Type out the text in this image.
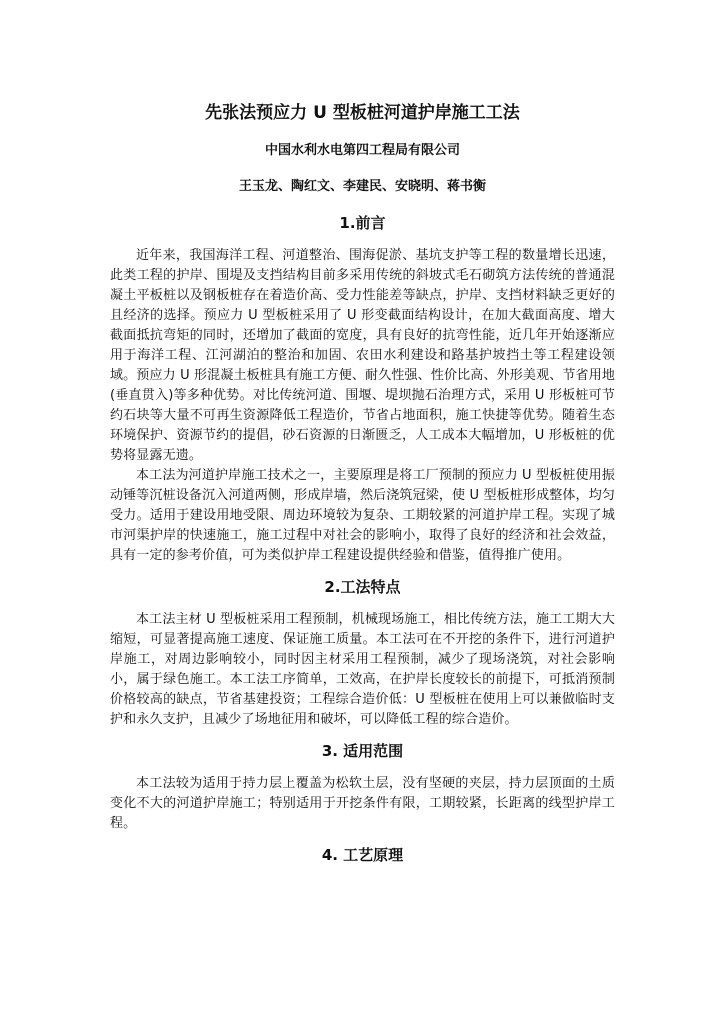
先张法预应力 U 型板桩河道护岸施工工法
中国水利水电第四工程局有限公司
王玉龙、陶红文、李建民、安晓明、蒋书衡
1.前言

近年来，我国海洋工程、河道整治、围海促淤、基坑支护等工程的数量增长迅速，此类工程的护岸、围堤及支挡结构目前多采用传统的斜坡式毛石砌筑方法传统的普通混凝土平板桩以及钢板桩存在着造价高、受力性能差等缺点，护岸、支挡材料缺乏更好的且经济的选择。预应力 U 型板桩采用了 U 形变截面结构设计，在加大截面高度、增大截面抵抗弯矩的同时，还增加了截面的宽度，具有良好的抗弯性能，近几年开始逐渐应用于海洋工程、江河湖泊的整治和加固、农田水利建设和路基护坡挡土等工程建设领域。预应力 U 形混凝土板桩具有施工方便、耐久性强、性价比高、外形美观、节省用地(垂直贯入)等多种优势。对比传统河道、围堰、堤坝抛石治理方式，采用 U 形板桩可节约石块等大量不可再生资源降低工程造价，节省占地面积，施工快捷等优势。随着生态环境保护、资源节约的提倡，砂石资源的日渐匮乏，人工成本大幅增加，U 形板桩的优势将显露无遗。

本工法为河道护岸施工技术之一，主要原理是将工厂预制的预应力 U 型板桩使用振动锤等沉桩设备沉入河道两侧，形成岸墙，然后浇筑冠梁，使 U 型板桩形成整体，均匀受力。适用于建设用地受限、周边环境较为复杂、工期较紧的河道护岸工程。实现了城市河渠护岸的快速施工，施工过程中对社会的影响小，取得了良好的经济和社会效益，具有一定的参考价值，可为类似护岸工程建设提供经验和借鉴，值得推广使用。

2.工法特点

本工法主材 U 型板桩采用工程预制，机械现场施工，相比传统方法，施工工期大大缩短，可显著提高施工速度、保证施工质量。本工法可在不开挖的条件下，进行河道护岸施工，对周边影响较小，同时因主材采用工程预制，减少了现场浇筑，对社会影响小，属于绿色施工。本工法工序简单，工效高，在护岸长度较长的前提下，可抵消预制价格较高的缺点，节省基建投资；工程综合造价低：U 型板桩在使用上可以兼做临时支护和永久支护，且减少了场地征用和破坏，可以降低工程的综合造价。

3. 适用范围

本工法较为适用于持力层上覆盖为松软土层，没有坚硬的夹层，持力层顶面的土质变化不大的河道护岸施工；特别适用于开挖条件有限，工期较紧，长距离的线型护岸工程。

4. 工艺原理
